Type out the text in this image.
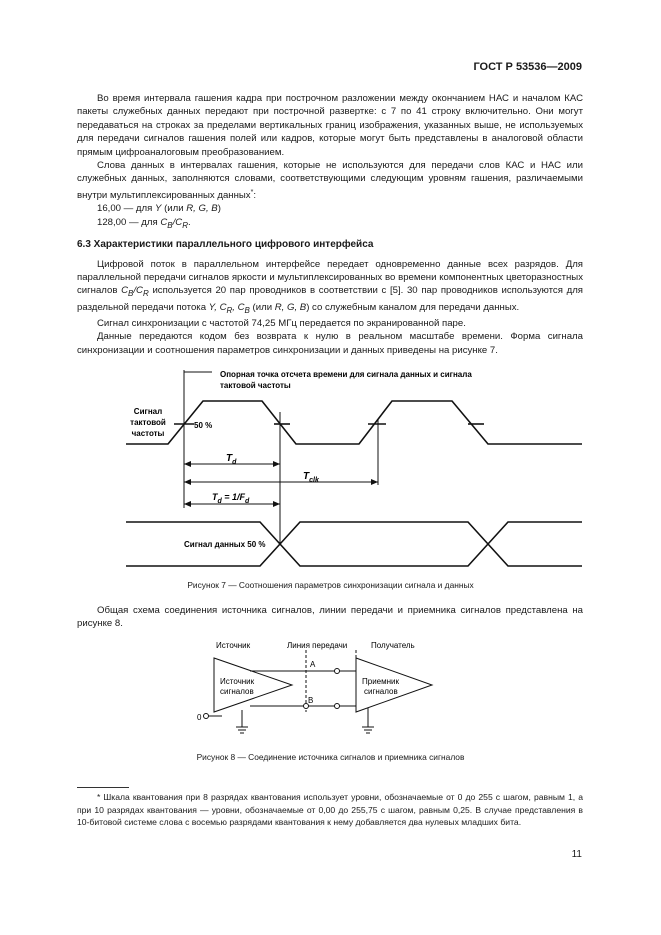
ГОСТ Р 53536—2009

Во время интервала гашения кадра при построчном разложении между окончанием НАС и началом КАС пакеты служебных данных передают при построчной развертке: с 7 по 41 строку включительно. Они могут передаваться на строках за пределами вертикальных границ изображения, указанных выше, не используемых для передачи сигналов гашения полей или кадров, которые могут быть представлены в аналоговой области прямым цифроаналоговым преобразованием.

Слова данных в интервалах гашения, которые не используются для передачи слов КАС и НАС или служебных данных, заполняются словами, соответствующими следующим уровням гашения, различаемыми внутри мультиплексированных данных*:

16,00 — для Y (или R, G, B)

128,00 — для $C_B/C_R$.

6.3 Характеристики параллельного цифрового интерфейса

Цифровой поток в параллельном интерфейсе передает одновременно данные всех разрядов. Для параллельной передачи сигналов яркости и мультиплексированных во времени компонентных цветоразностных сигналов $C_B/C_R$ используется 20 пар проводников в соответствии с [5]. 30 пар проводников используются для раздельной передачи потока Y, $C_R$, $C_B$ (или R, G, B) со служебным каналом для передачи данных.

Сигнал синхронизации с частотой 74,25 МГц передается по экранированной паре.

Данные передаются кодом без возврата к нулю в реальном масштабе времени. Форма сигнала синхронизации и соотношения параметров синхронизации и данных приведены на рисунке 7.

Опорная точка отсчета времени для сигнала данных и сигнала
тактовой частоты
Сигнал
тактовой
частоты
50 %
$T_d$
$T_{clk}$
$T_d = 1/F_d$
Сигнал данных 50 %
Рисунок 7 — Соотношения параметров синхронизации сигнала и данных

Общая схема соединения источника сигналов, линии передачи и приемника сигналов представлена на рисунке 8.

Источник	Линия передачи	Получатель
Источник
сигналов
Приемник
сигналов
A
B
0
Рисунок 8 — Соединение источника сигналов и приемника сигналов
* Шкала квантования при 8 разрядах квантования использует уровни, обозначаемые от 0 до 255 с шагом, равным 1, а при 10 разрядах квантования — уровни, обозначаемые от 0,00 до 255,75 с шагом, равным 0,25. В случае представления в 10-битовой системе слова с восемью разрядами квантования к нему добавляется два нулевых младших бита.
11
